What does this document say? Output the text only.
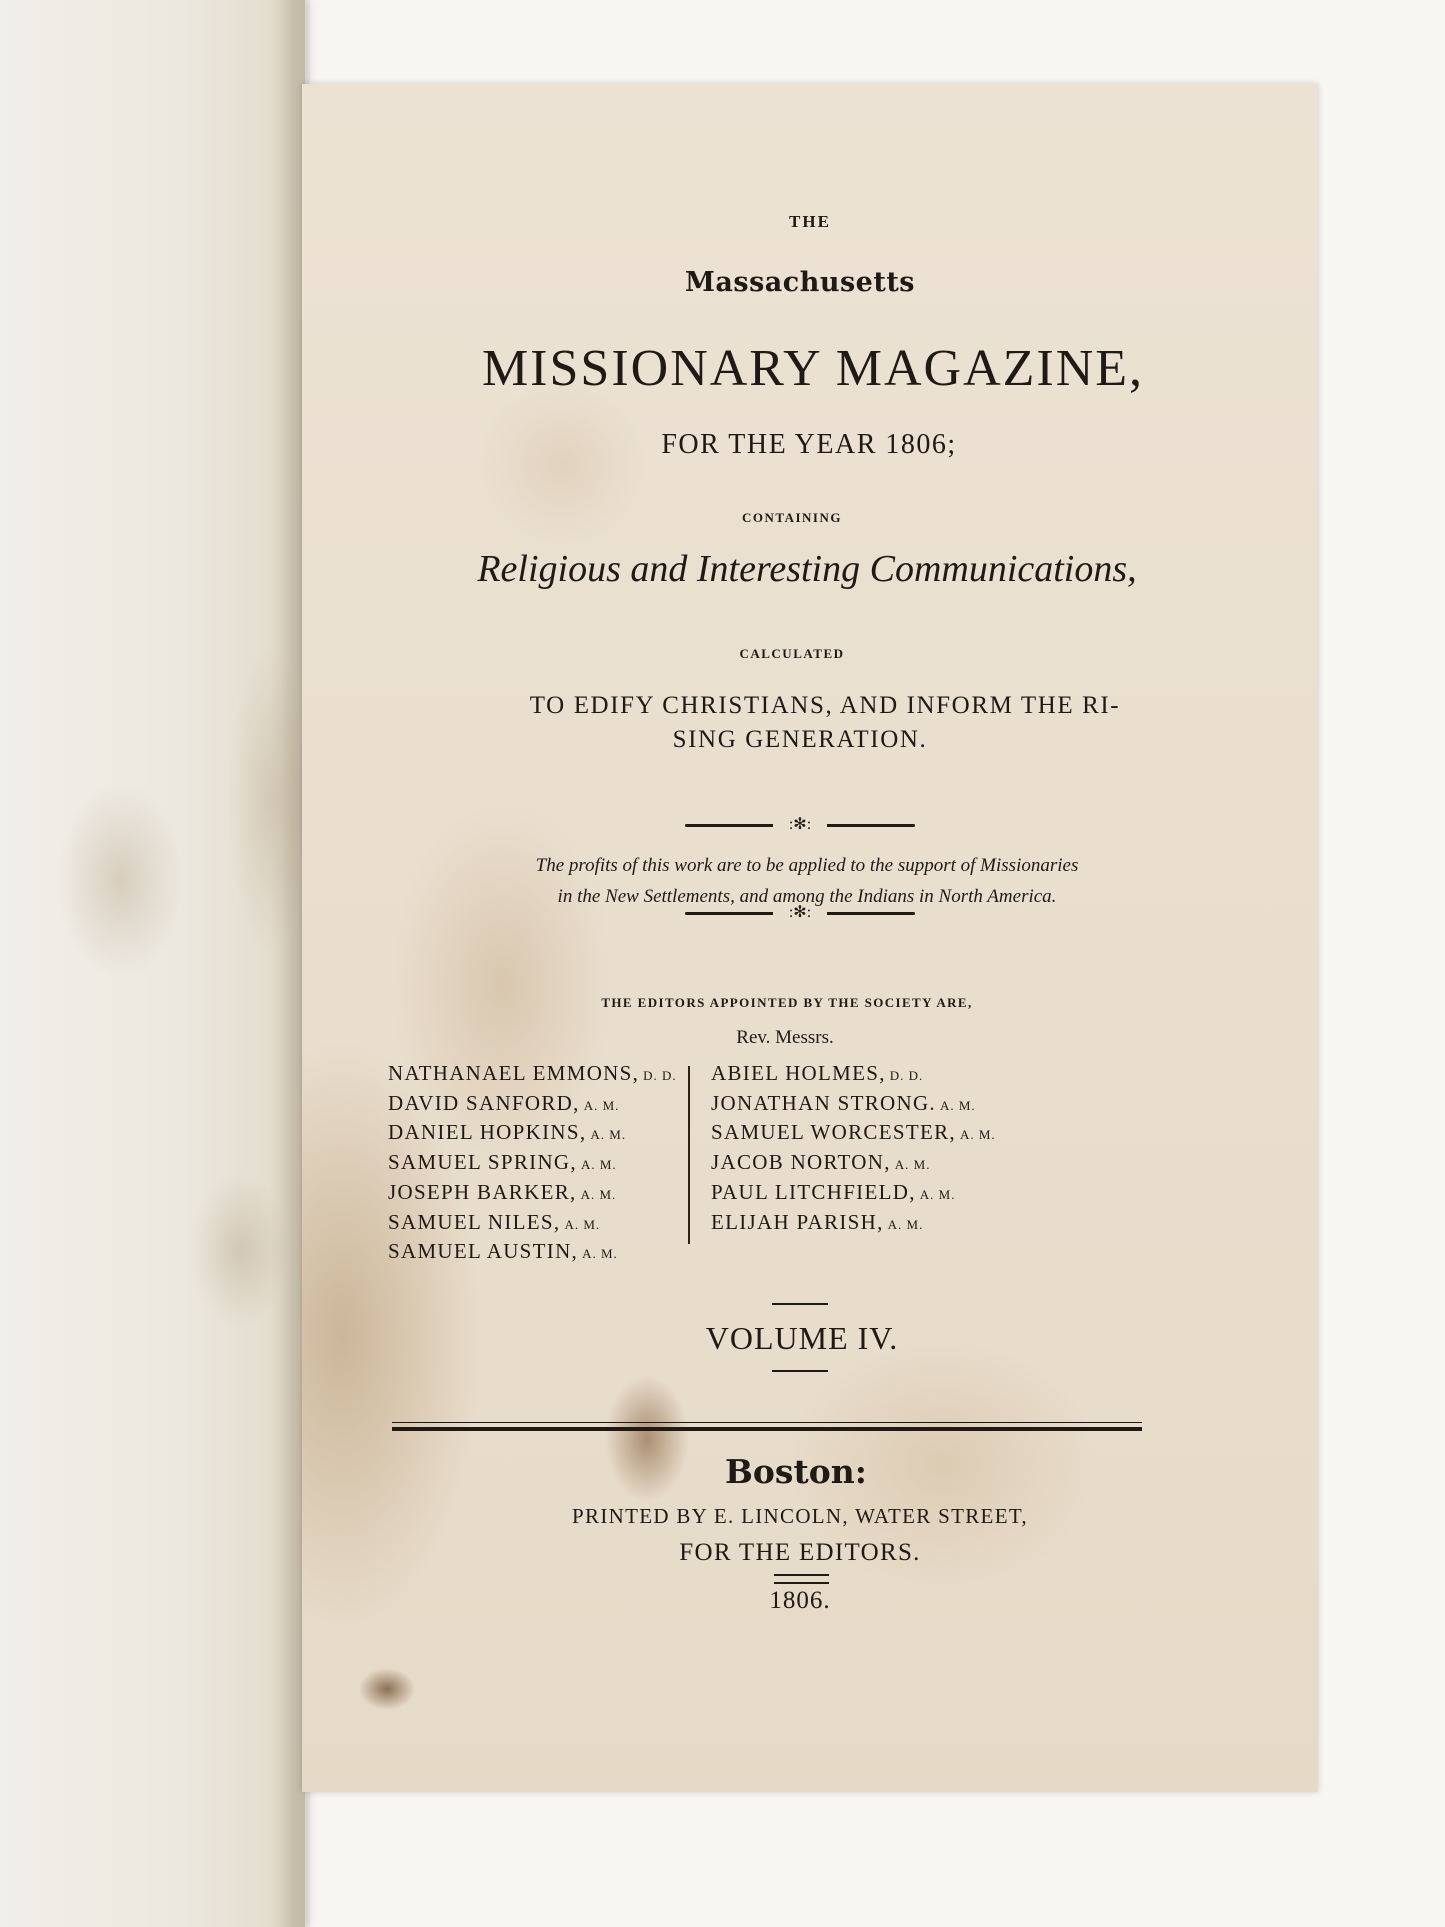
THE
Massachusetts
MISSIONARY MAGAZINE,
FOR THE YEAR 1806;
CONTAINING
Religious and Interesting Communications,
CALCULATED
TO EDIFY CHRISTIANS, AND INFORM THE RI-
SING GENERATION.
:✻:
The profits of this work are to be applied to the support of Missionaries
in the New Settlements, and among the Indians in North America.
:✻:
THE EDITORS APPOINTED BY THE SOCIETY ARE,
Rev. Messrs.
NATHANAEL EMMONS, D. D.
DAVID SANFORD, A. M.
DANIEL HOPKINS, A. M.
SAMUEL SPRING, A. M.
JOSEPH BARKER, A. M.
SAMUEL NILES, A. M.
SAMUEL AUSTIN, A. M.
ABIEL HOLMES, D. D.
JONATHAN STRONG. A. M.
SAMUEL WORCESTER, A. M.
JACOB NORTON, A. M.
PAUL LITCHFIELD, A. M.
ELIJAH PARISH, A. M.
VOLUME IV.
Boston:
PRINTED BY E. LINCOLN, WATER STREET,
FOR THE EDITORS.
1806.
